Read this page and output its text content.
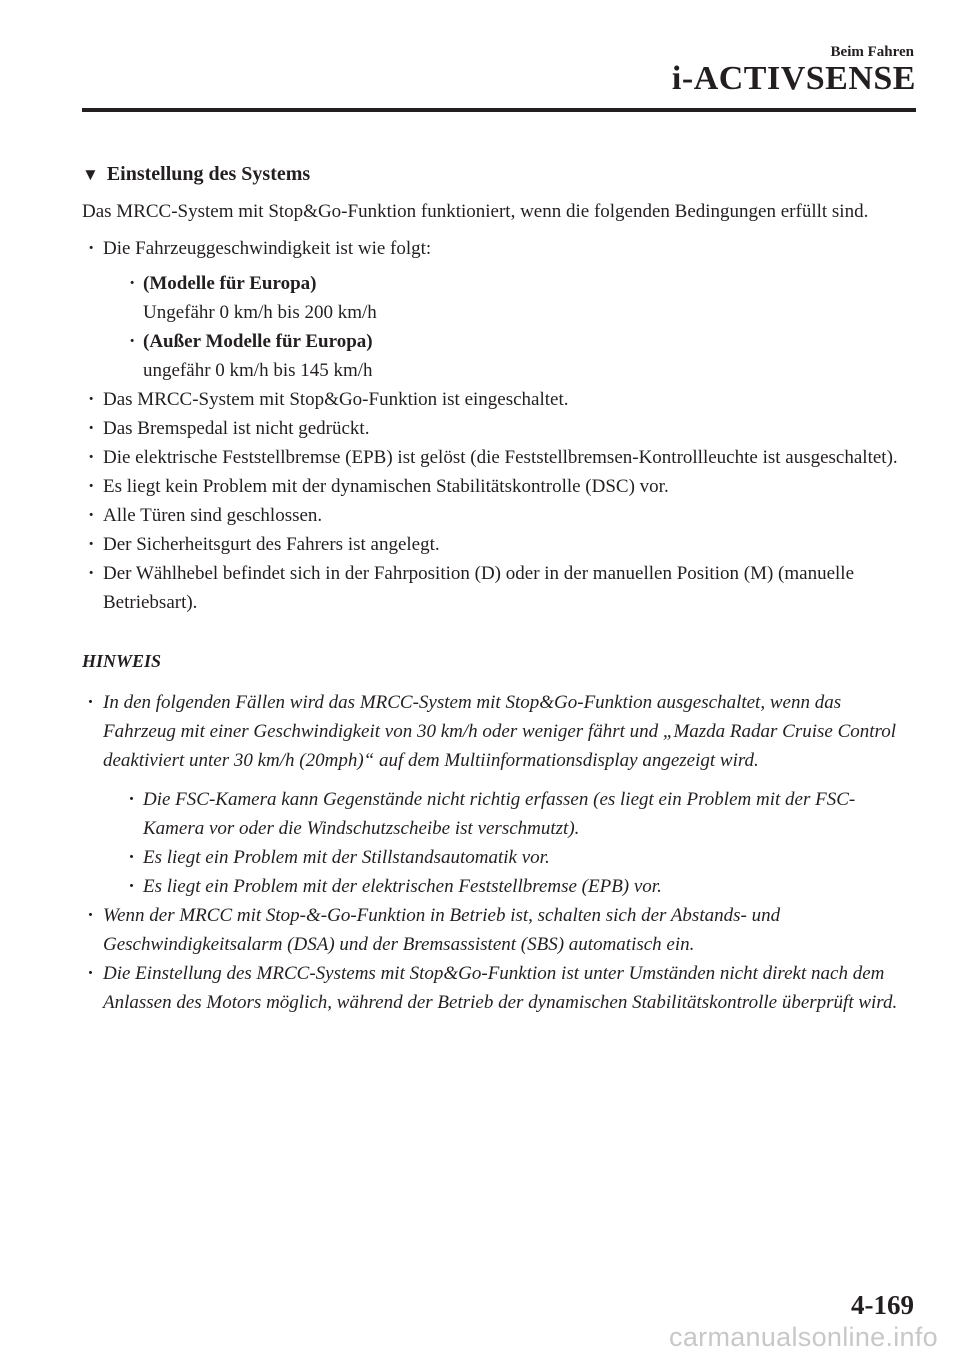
Beim Fahren
i-ACTIVSENSE
▼ Einstellung des Systems

Das MRCC-System mit Stop&Go-Funktion funktioniert, wenn die folgenden Bedingungen erfüllt sind.

· Die Fahrzeuggeschwindigkeit ist wie folgt:
· (Modelle für Europa)
Ungefähr 0 km/h bis 200 km/h
· (Außer Modelle für Europa)
ungefähr 0 km/h bis 145 km/h
· Das MRCC-System mit Stop&Go-Funktion ist eingeschaltet.
· Das Bremspedal ist nicht gedrückt.
· Die elektrische Feststellbremse (EPB) ist gelöst (die Feststellbremsen-Kontrollleuchte ist ausgeschaltet).
· Es liegt kein Problem mit der dynamischen Stabilitätskontrolle (DSC) vor.
· Alle Türen sind geschlossen.
· Der Sicherheitsgurt des Fahrers ist angelegt.
· Der Wählhebel befindet sich in der Fahrposition (D) oder in der manuellen Position (M) (manuelle Betriebsart).
HINWEIS
· In den folgenden Fällen wird das MRCC-System mit Stop&Go-Funktion ausgeschaltet, wenn das Fahrzeug mit einer Geschwindigkeit von 30 km/h oder weniger fährt und „Mazda Radar Cruise Control deaktiviert unter 30 km/h (20mph)“ auf dem Multiinformationsdisplay angezeigt wird.
· Die FSC-Kamera kann Gegenstände nicht richtig erfassen (es liegt ein Problem mit der FSC-Kamera vor oder die Windschutzscheibe ist verschmutzt).
· Es liegt ein Problem mit der Stillstandsautomatik vor.
· Es liegt ein Problem mit der elektrischen Feststellbremse (EPB) vor.
· Wenn der MRCC mit Stop-&-Go-Funktion in Betrieb ist, schalten sich der Abstands- und Geschwindigkeitsalarm (DSA) und der Bremsassistent (SBS) automatisch ein.
· Die Einstellung des MRCC-Systems mit Stop&Go-Funktion ist unter Umständen nicht direkt nach dem Anlassen des Motors möglich, während der Betrieb der dynamischen Stabilitätskontrolle überprüft wird.
4-169
carmanualsonline.info
